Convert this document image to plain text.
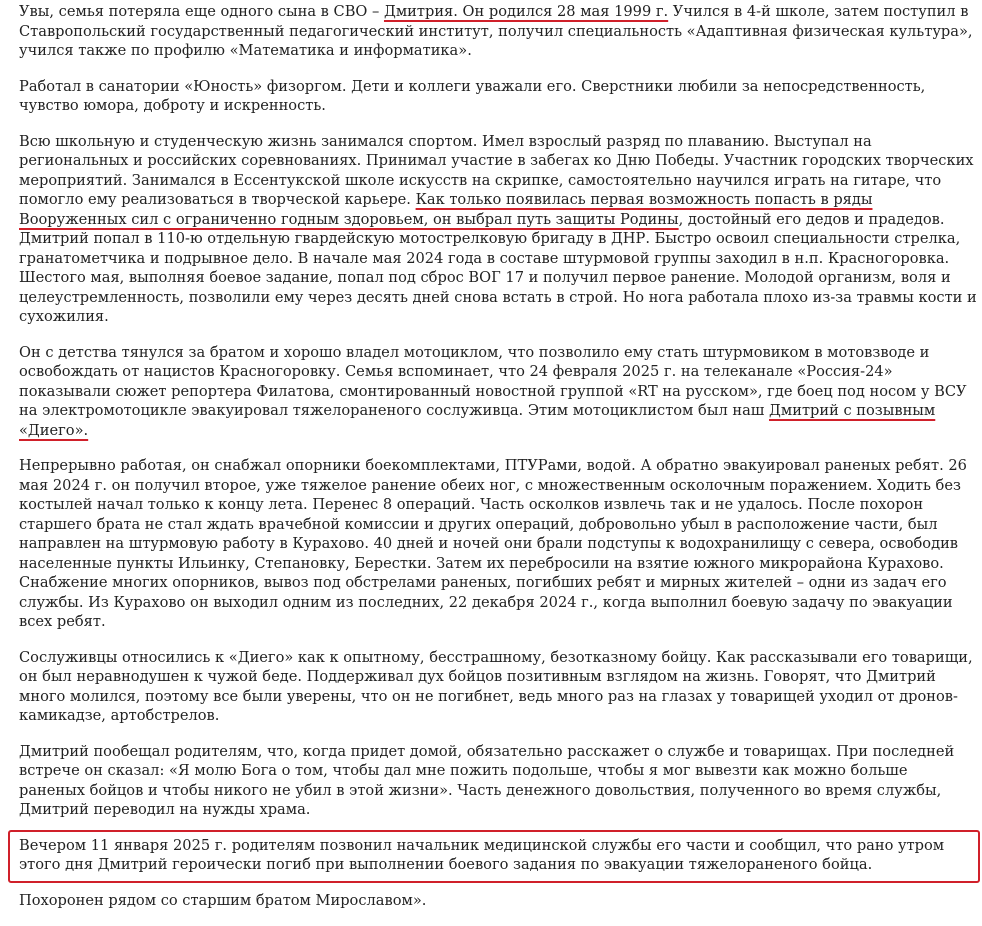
Увы, семья потеряла еще одного сына в СВО – Дмитрия. Он родился 28 мая 1999 г. Учился в 4-й школе, затем поступил в Ставропольский государственный педагогический институт, получил специальность «Адаптивная физическая культура», учился также по профилю «Математика и информатика».

Работал в санатории «Юность» физоргом. Дети и коллеги уважали его. Сверстники любили за непосредственность, чувство юмора, доброту и искренность.

Всю школьную и студенческую жизнь занимался спортом. Имел взрослый разряд по плаванию. Выступал на региональных и российских соревнованиях. Принимал участие в забегах ко Дню Победы. Участник городских творческих мероприятий. Занимался в Ессентукской школе искусств на скрипке, самостоятельно научился играть на гитаре, что помогло ему реализоваться в творческой карьере. Как только появилась первая возможность попасть в ряды Вооруженных сил с ограниченно годным здоровьем, он выбрал путь защиты Родины, достойный его дедов и прадедов. Дмитрий попал в 110-ю отдельную гвардейскую мотострелковую бригаду в ДНР. Быстро освоил специальности стрелка, гранатометчика и подрывное дело. В начале мая 2024 года в составе штурмовой группы заходил в н.п. Красногоровка. Шестого мая, выполняя боевое задание, попал под сброс ВОГ 17 и получил первое ранение. Молодой организм, воля и целеустремленность, позволили ему через десять дней снова встать в строй. Но нога работала плохо из-за травмы кости и сухожилия.

Он с детства тянулся за братом и хорошо владел мотоциклом, что позволило ему стать штурмовиком в мотовзводе и освобождать от нацистов Красногоровку. Семья вспоминает, что 24 февраля 2025 г. на телеканале «Россия-24» показывали сюжет репортера Филатова, смонтированный новостной группой «RT на русском», где боец под носом у ВСУ на электромотоцикле эвакуировал тяжелораненого сослуживца. Этим мотоциклистом был наш Дмитрий с позывным «Диего».

Непрерывно работая, он снабжал опорники боекомплектами, ПТУРами, водой. А обратно эвакуировал раненых ребят. 26 мая 2024 г. он получил второе, уже тяжелое ранение обеих ног, с множественным осколочным поражением. Ходить без костылей начал только к концу лета. Перенес 8 операций. Часть осколков извлечь так и не удалось. После похорон старшего брата не стал ждать врачебной комиссии и других операций, добровольно убыл в расположение части, был направлен на штурмовую работу в Курахово. 40 дней и ночей они брали подступы к водохранилищу с севера, освободив населенные пункты Ильинку, Степановку, Берестки. Затем их перебросили на взятие южного микрорайона Курахово. Снабжение многих опорников, вывоз под обстрелами раненых, погибших ребят и мирных жителей – одни из задач его службы. Из Курахово он выходил одним из последних, 22 декабря 2024 г., когда выполнил боевую задачу по эвакуации всех ребят.

Сослуживцы относились к «Диего» как к опытному, бесстрашному, безотказному бойцу. Как рассказывали его товарищи, он был неравнодушен к чужой беде. Поддерживал дух бойцов позитивным взглядом на жизнь. Говорят, что Дмитрий много молился, поэтому все были уверены, что он не погибнет, ведь много раз на глазах у товарищей уходил от дронов-камикадзе, артобстрелов.

Дмитрий пообещал родителям, что, когда придет домой, обязательно расскажет о службе и товарищах. При последней встрече он сказал: «Я молю Бога о том, чтобы дал мне пожить подольше, чтобы я мог вывезти как можно больше раненых бойцов и чтобы никого не убил в этой жизни». Часть денежного довольствия, полученного во время службы, Дмитрий переводил на нужды храма.

Вечером 11 января 2025 г. родителям позвонил начальник медицинской службы его части и сообщил, что рано утром этого дня Дмитрий героически погиб при выполнении боевого задания по эвакуации тяжелораненого бойца.

Похоронен рядом со старшим братом Мирославом».
